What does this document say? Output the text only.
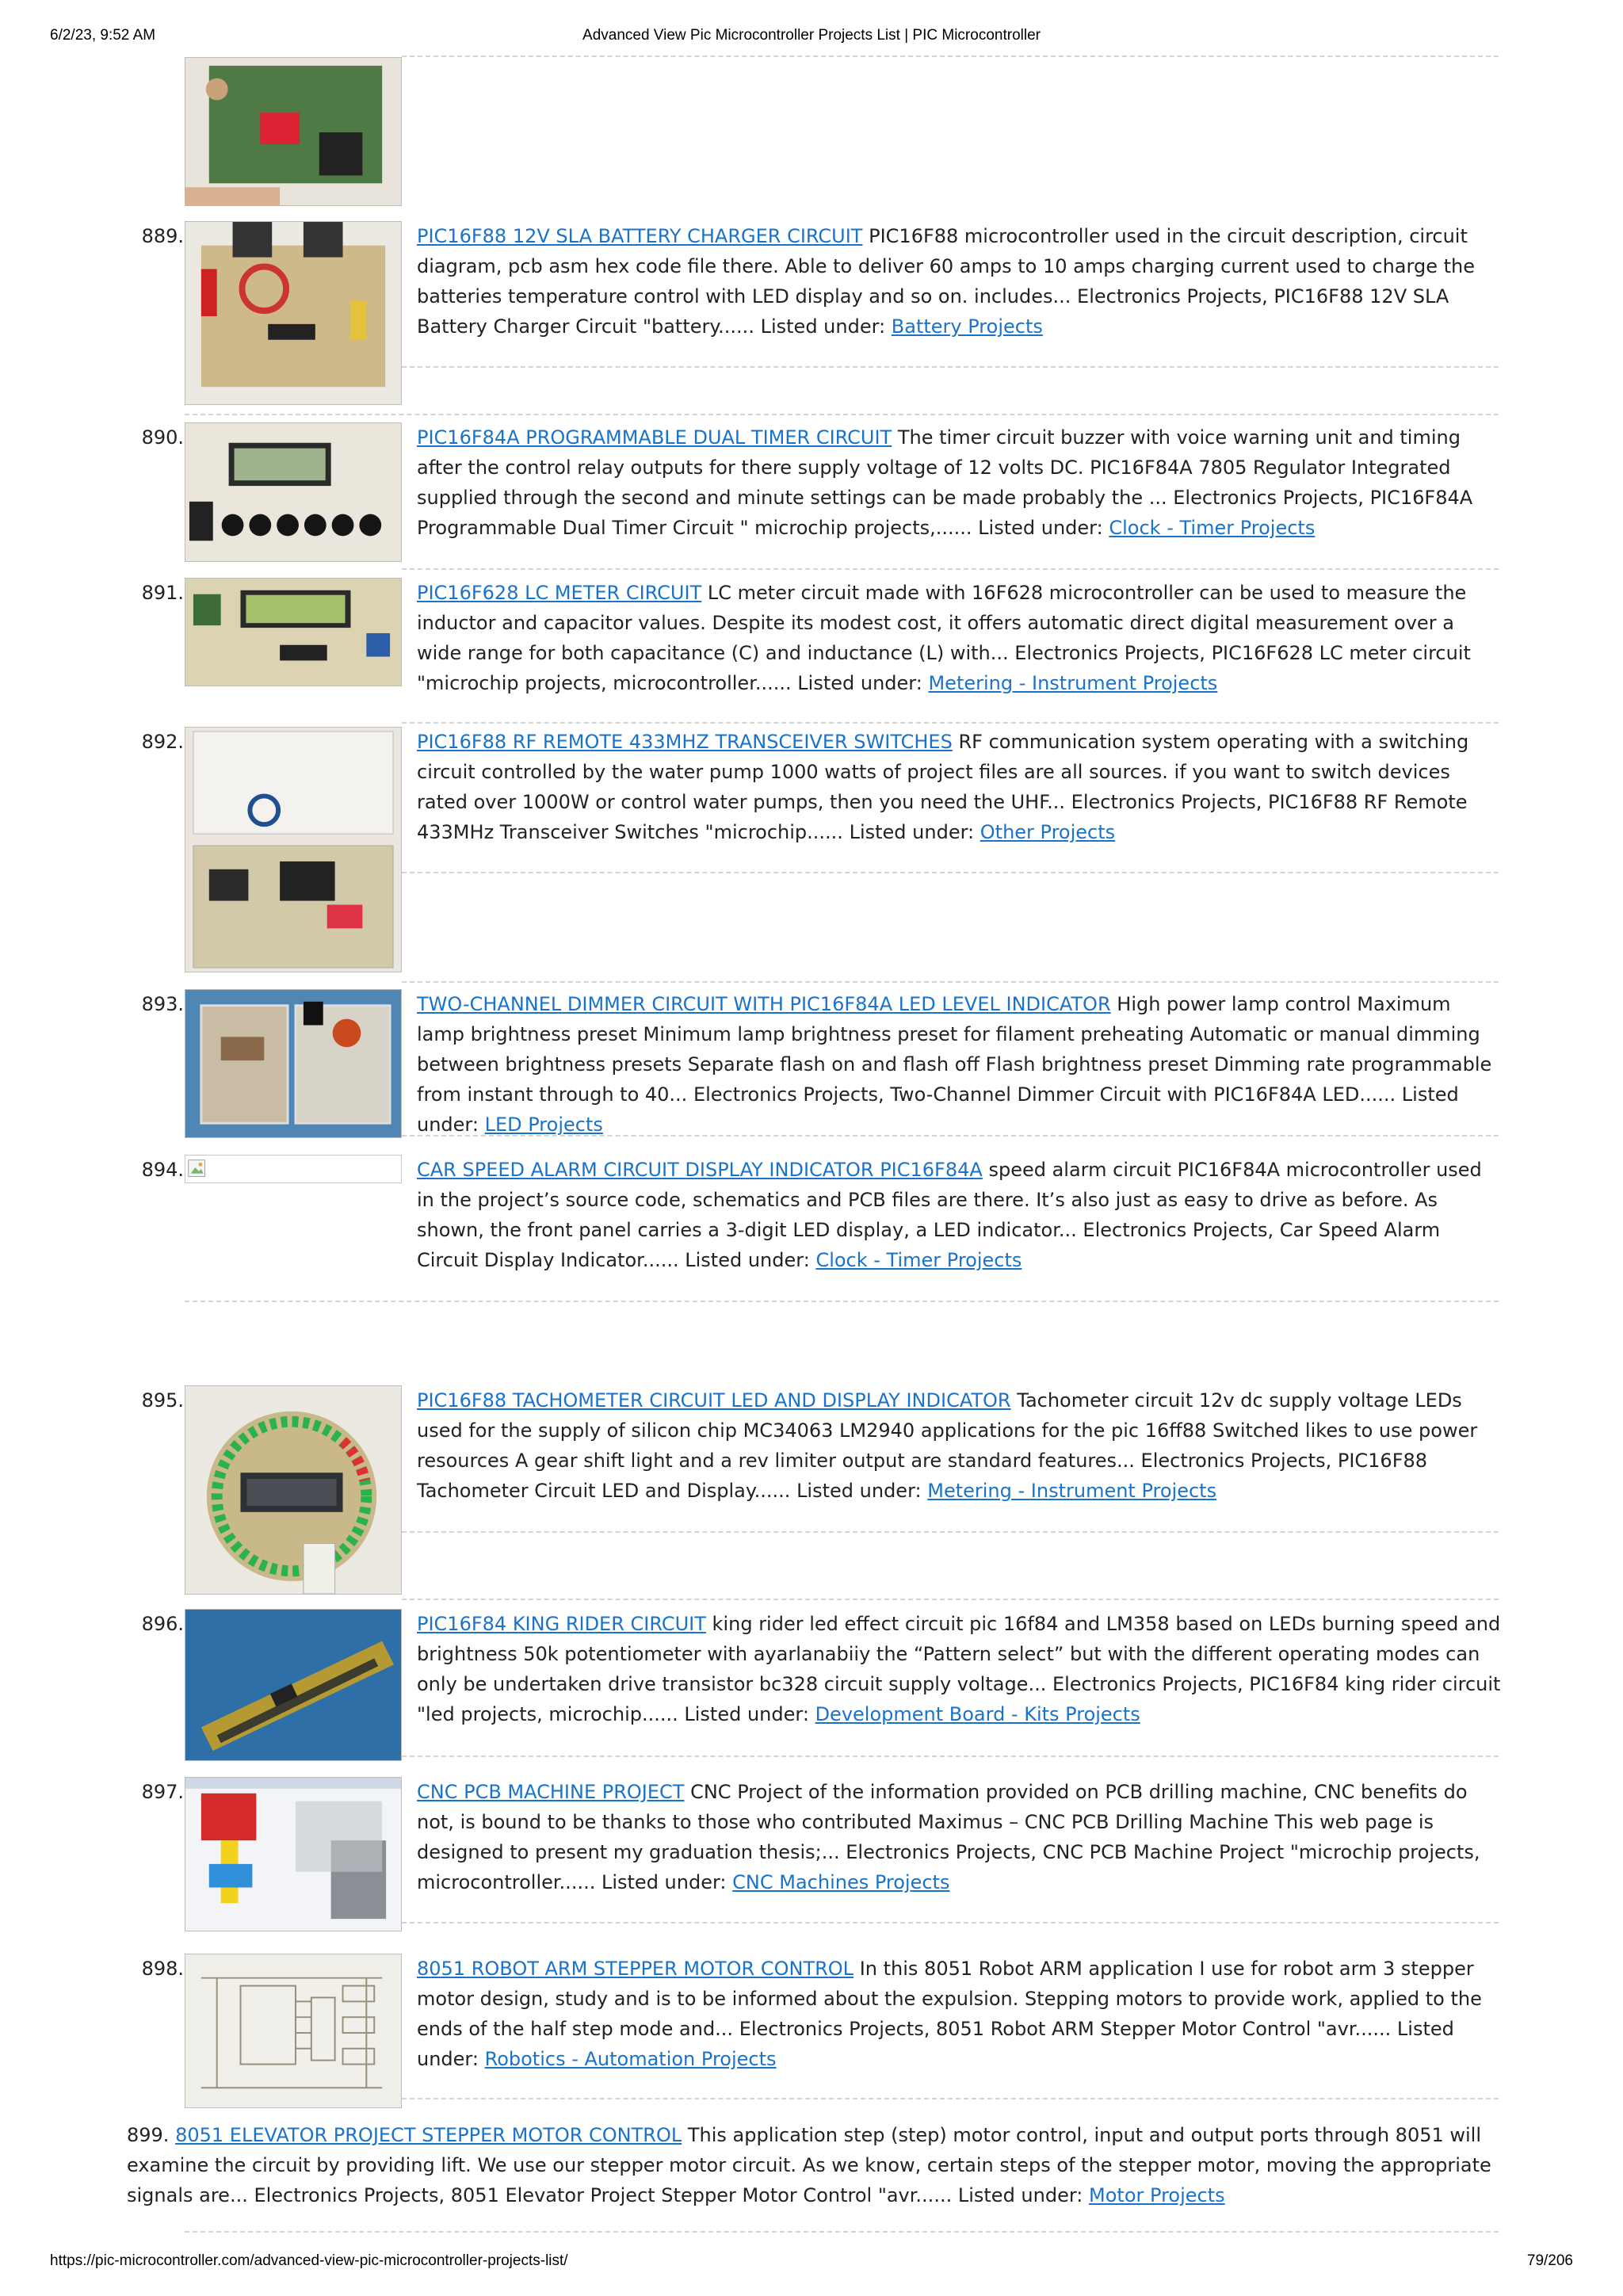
6/2/23, 9:52 AM	Advanced View Pic Microcontroller Projects List | PIC Microcontroller
889.	PIC16F88 12V SLA BATTERY CHARGER CIRCUIT PIC16F88 microcontroller used in the circuit description, circuit diagram, pcb asm hex code file there. Able to deliver 60 amps to 10 amps charging current used to charge the batteries temperature control with LED display and so on. includes... Electronics Projects, PIC16F88 12V SLA Battery Charger Circuit "battery...... Listed under: Battery Projects
890.	PIC16F84A PROGRAMMABLE DUAL TIMER CIRCUIT The timer circuit buzzer with voice warning unit and timing after the control relay outputs for there supply voltage of 12 volts DC. PIC16F84A 7805 Regulator Integrated supplied through the second and minute settings can be made probably the ... Electronics Projects, PIC16F84A Programmable Dual Timer Circuit " microchip projects,...... Listed under: Clock - Timer Projects
891.	PIC16F628 LC METER CIRCUIT LC meter circuit made with 16F628 microcontroller can be used to measure the inductor and capacitor values. Despite its modest cost, it offers automatic direct digital measurement over a wide range for both capacitance (C) and inductance (L) with... Electronics Projects, PIC16F628 LC meter circuit "microchip projects, microcontroller...... Listed under: Metering - Instrument Projects
892.	PIC16F88 RF REMOTE 433MHZ TRANSCEIVER SWITCHES RF communication system operating with a switching circuit controlled by the water pump 1000 watts of project files are all sources. if you want to switch devices rated over 1000W or control water pumps, then you need the UHF... Electronics Projects, PIC16F88 RF Remote 433MHz Transceiver Switches "microchip...... Listed under: Other Projects
893.	TWO-CHANNEL DIMMER CIRCUIT WITH PIC16F84A LED LEVEL INDICATOR High power lamp control Maximum lamp brightness preset Minimum lamp brightness preset for filament preheating Automatic or manual dimming between brightness presets Separate flash on and flash off Flash brightness preset Dimming rate programmable from instant through to 40... Electronics Projects, Two-Channel Dimmer Circuit with PIC16F84A LED...... Listed under: LED Projects
894.	CAR SPEED ALARM CIRCUIT DISPLAY INDICATOR PIC16F84A speed alarm circuit PIC16F84A microcontroller used in the project’s source code, schematics and PCB files are there. It’s also just as easy to drive as before. As shown, the front panel carries a 3-digit LED display, a LED indicator... Electronics Projects, Car Speed Alarm Circuit Display Indicator...... Listed under: Clock - Timer Projects
895.	PIC16F88 TACHOMETER CIRCUIT LED AND DISPLAY INDICATOR Tachometer circuit 12v dc supply voltage LEDs used for the supply of silicon chip MC34063 LM2940 applications for the pic 16ff88 Switched likes to use power resources A gear shift light and a rev limiter output are standard features... Electronics Projects, PIC16F88 Tachometer Circuit LED and Display...... Listed under: Metering - Instrument Projects
896.	PIC16F84 KING RIDER CIRCUIT king rider led effect circuit pic 16f84 and LM358 based on LEDs burning speed and brightness 50k potentiometer with ayarlanabiiy the “Pattern select” but with the different operating modes can only be undertaken drive transistor bc328 circuit supply voltage... Electronics Projects, PIC16F84 king rider circuit "led projects, microchip...... Listed under: Development Board - Kits Projects
897.	CNC PCB MACHINE PROJECT CNC Project of the information provided on PCB drilling machine, CNC benefits do not, is bound to be thanks to those who contributed Maximus – CNC PCB Drilling Machine This web page is designed to present my graduation thesis;... Electronics Projects, CNC PCB Machine Project "microchip projects, microcontroller...... Listed under: CNC Machines Projects
898.	8051 ROBOT ARM STEPPER MOTOR CONTROL In this 8051 Robot ARM application I use for robot arm 3 stepper motor design, study and is to be informed about the expulsion. Stepping motors to provide work, applied to the ends of the half step mode and... Electronics Projects, 8051 Robot ARM Stepper Motor Control "avr...... Listed under: Robotics - Automation Projects
899. 8051 ELEVATOR PROJECT STEPPER MOTOR CONTROL This application step (step) motor control, input and output ports through 8051 will examine the circuit by providing lift. We use our stepper motor circuit. As we know, certain steps of the stepper motor, moving the appropriate signals are... Electronics Projects, 8051 Elevator Project Stepper Motor Control "avr...... Listed under: Motor Projects
https://pic-microcontroller.com/advanced-view-pic-microcontroller-projects-list/	79/206
